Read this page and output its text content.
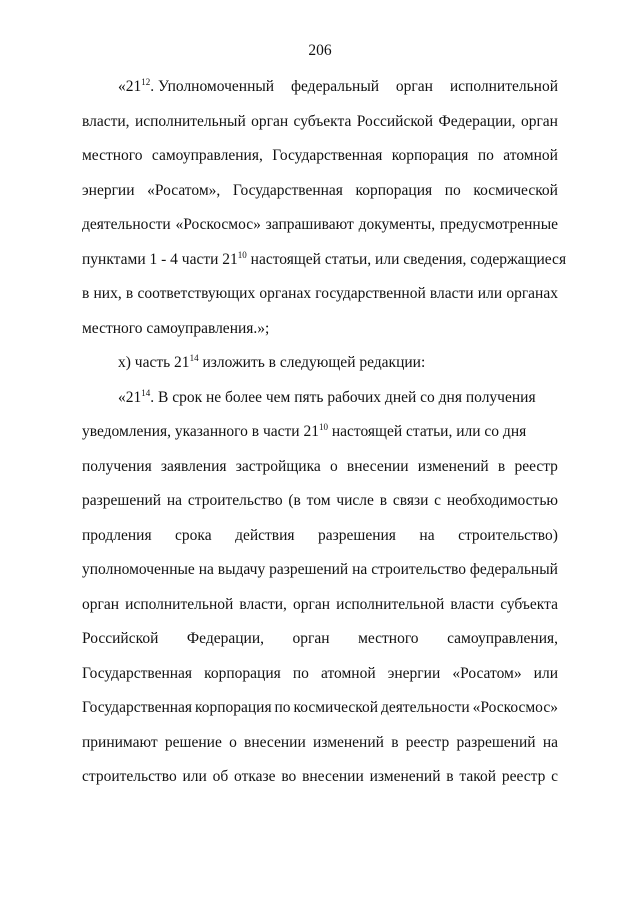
206
«$21^{12}$. Уполномоченный федеральный орган исполнительной
власти, исполнительный орган субъекта Российской Федерации, орган
местного самоуправления, Государственная корпорация по атомной
энергии «Росатом», Государственная корпорация по космической
деятельности «Роскосмос» запрашивают документы, предусмотренные
пунктами 1 - 4 части $21^{10}$ настоящей статьи, или сведения, содержащиеся
в них, в соответствующих органах государственной власти или органах
местного самоуправления.»;
х) часть $21^{14}$ изложить в следующей редакции:
«$21^{14}$. В срок не более чем пять рабочих дней со дня получения
уведомления, указанного в части $21^{10}$ настоящей статьи, или со дня
получения заявления застройщика о внесении изменений в реестр
разрешений на строительство (в том числе в связи с необходимостью
продления срока действия разрешения на строительство)
уполномоченные на выдачу разрешений на строительство федеральный
орган исполнительной власти, орган исполнительной власти субъекта
Российской Федерации, орган местного самоуправления,
Государственная корпорация по атомной энергии «Росатом» или
Государственная корпорация по космической деятельности «Роскосмос»
принимают решение о внесении изменений в реестр разрешений на
строительство или об отказе во внесении изменений в такой реестр с
